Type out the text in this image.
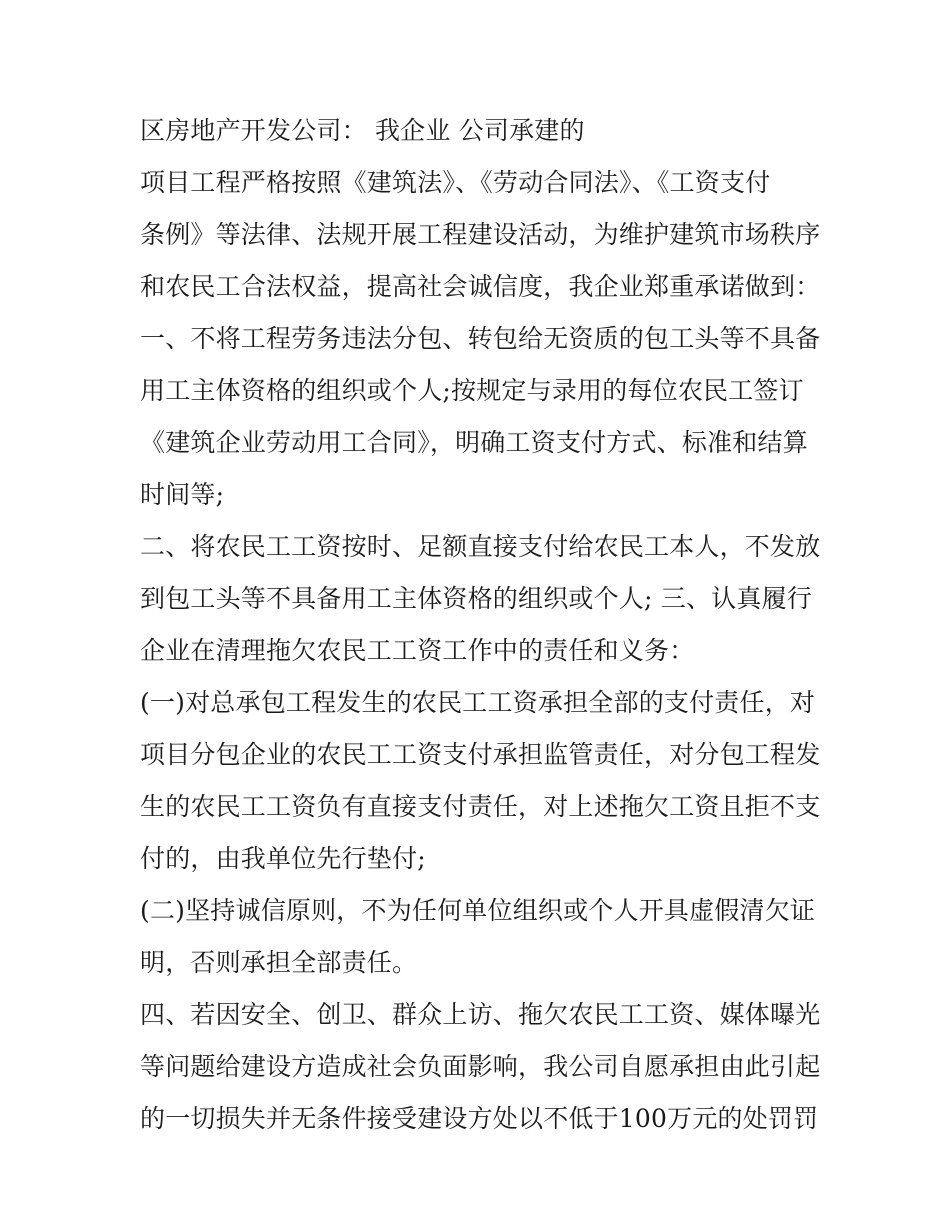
区房地产开发公司： 我企业 公司承建的
项目工程严格按照《建筑法》、《劳动合同法》、《工资支付
条例》等法律、法规开展工程建设活动，为维护建筑市场秩序
和农民工合法权益，提高社会诚信度，我企业郑重承诺做到：
一、不将工程劳务违法分包、转包给无资质的包工头等不具备
用工主体资格的组织或个人;按规定与录用的每位农民工签订
《建筑企业劳动用工合同》，明确工资支付方式、标准和结算
时间等;
二、将农民工工资按时、足额直接支付给农民工本人，不发放
到包工头等不具备用工主体资格的组织或个人; 三、认真履行
企业在清理拖欠农民工工资工作中的责任和义务：
(一)对总承包工程发生的农民工工资承担全部的支付责任，对
项目分包企业的农民工工资支付承担监管责任，对分包工程发
生的农民工工资负有直接支付责任，对上述拖欠工资且拒不支
付的，由我单位先行垫付;
(二)坚持诚信原则，不为任何单位组织或个人开具虚假清欠证
明，否则承担全部责任。
四、若因安全、创卫、群众上访、拖欠农民工工资、媒体曝光
等问题给建设方造成社会负面影响，我公司自愿承担由此引起
的一切损失并无条件接受建设方处以不低于100万元的处罚罚
